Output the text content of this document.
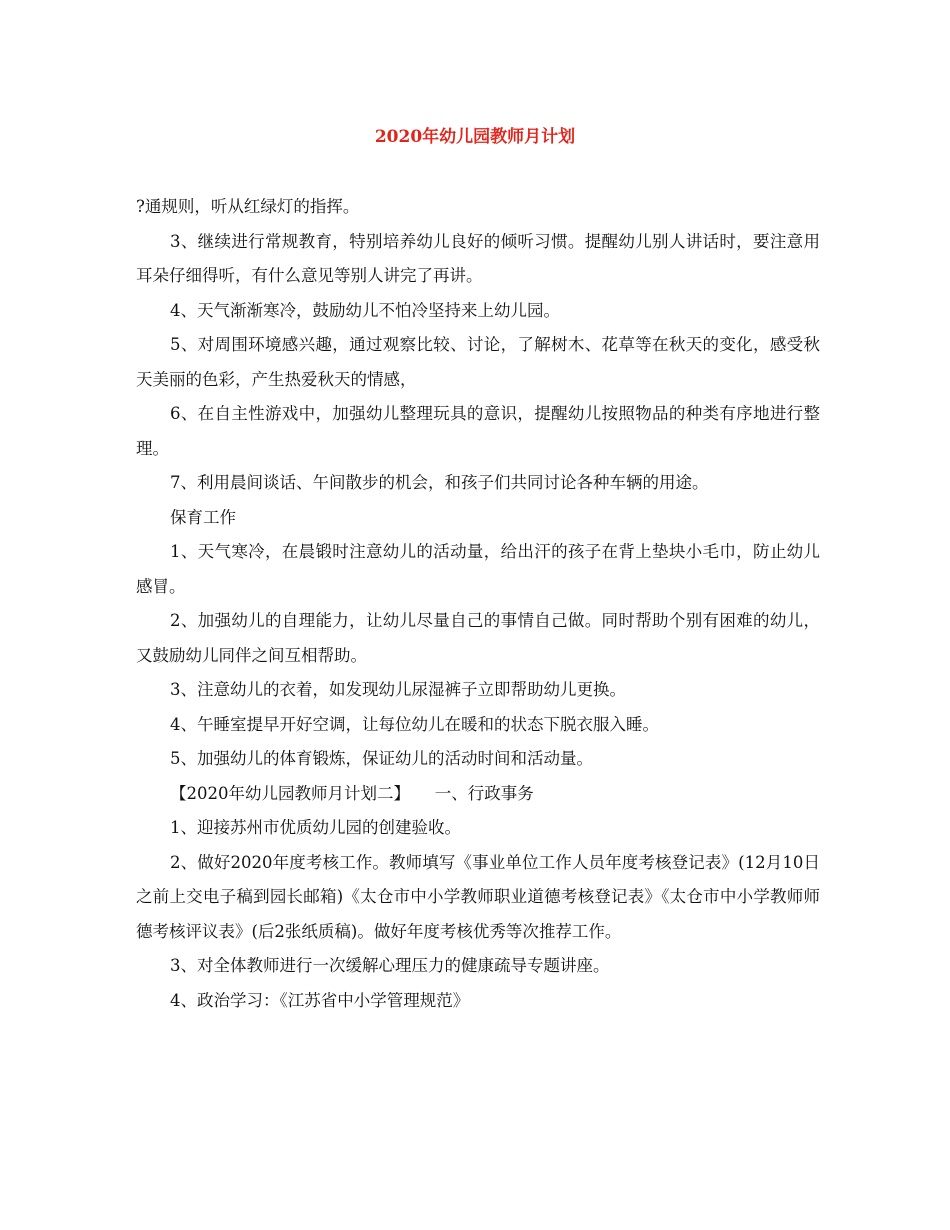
2020年幼儿园教师月计划

?通规则，听从红绿灯的指挥。

3、继续进行常规教育，特别培养幼儿良好的倾听习惯。提醒幼儿别人讲话时，要注意用耳朵仔细得听，有什么意见等别人讲完了再讲。

4、天气渐渐寒冷，鼓励幼儿不怕冷坚持来上幼儿园。

5、对周围环境感兴趣，通过观察比较、讨论，了解树木、花草等在秋天的变化，感受秋天美丽的色彩，产生热爱秋天的情感，

6、在自主性游戏中，加强幼儿整理玩具的意识，提醒幼儿按照物品的种类有序地进行整理。

7、利用晨间谈话、午间散步的机会，和孩子们共同讨论各种车辆的用途。

保育工作

1、天气寒冷，在晨锻时注意幼儿的活动量，给出汗的孩子在背上垫块小毛巾，防止幼儿感冒。

2、加强幼儿的自理能力，让幼儿尽量自己的事情自己做。同时帮助个别有困难的幼儿，又鼓励幼儿同伴之间互相帮助。

3、注意幼儿的衣着，如发现幼儿尿湿裤子立即帮助幼儿更换。

4、午睡室提早开好空调，让每位幼儿在暖和的状态下脱衣服入睡。

5、加强幼儿的体育锻炼，保证幼儿的活动时间和活动量。

【2020年幼儿园教师月计划二】　　一、行政事务

1、迎接苏州市优质幼儿园的创建验收。

2、做好2020年度考核工作。教师填写《事业单位工作人员年度考核登记表》(12月10日之前上交电子稿到园长邮箱)《太仓市中小学教师职业道德考核登记表》《太仓市中小学教师师德考核评议表》(后2张纸质稿)。做好年度考核优秀等次推荐工作。

3、对全体教师进行一次缓解心理压力的健康疏导专题讲座。

4、政治学习：《江苏省中小学管理规范》
